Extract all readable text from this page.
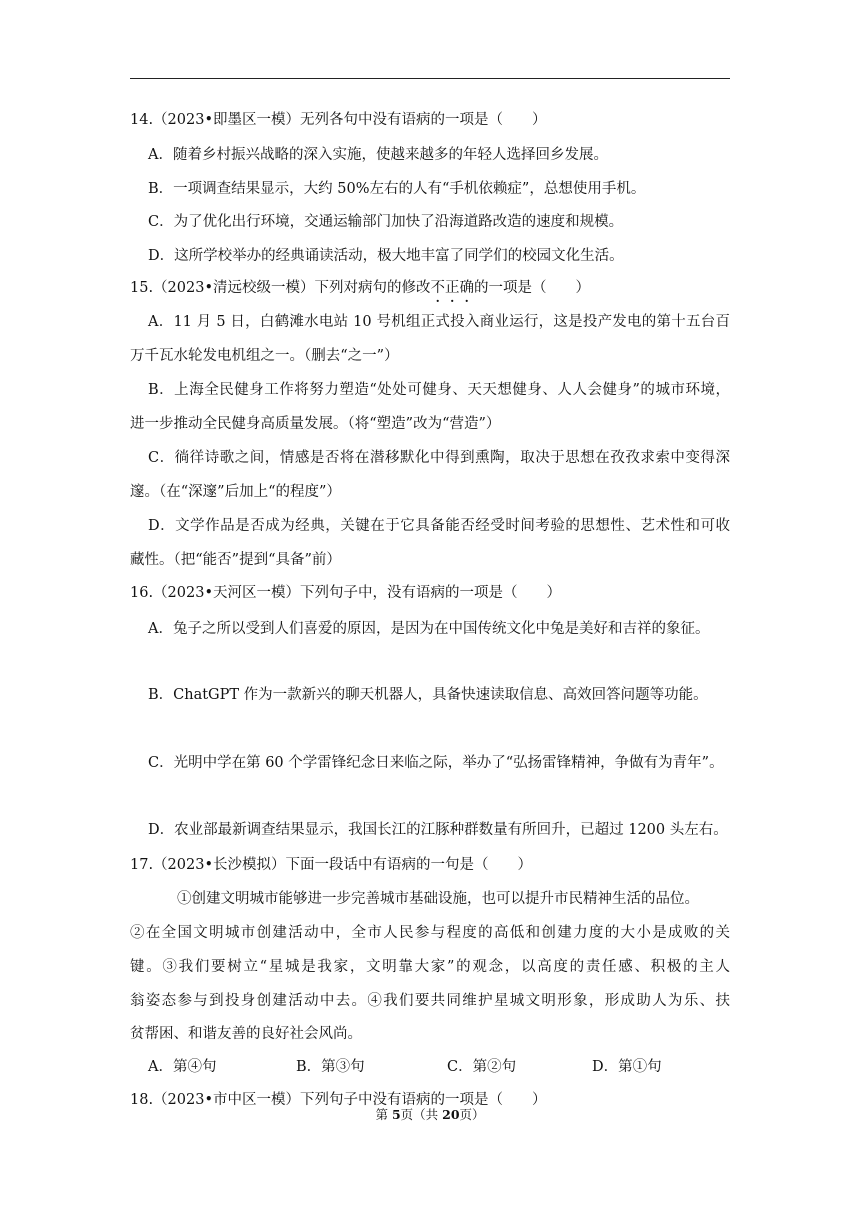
14.（2023•即墨区一模）无列各句中没有语病的一项是（　　）
A．随着乡村振兴战略的深入实施，使越来越多的年轻人选择回乡发展。
B．一项调查结果显示，大约 50%左右的人有“手机依赖症”，总想使用手机。
C．为了优化出行环境，交通运输部门加快了沿海道路改造的速度和规模。
D．这所学校举办的经典诵读活动，极大地丰富了同学们的校园文化生活。
15.（2023•清远校级一模）下列对病句的修改不
·
正
·
确
·
的一项是（　　）
A．11 月 5 日，白鹤滩水电站 10 号机组正式投入商业运行，这是投产发电的第十五台百
万千瓦水轮发电机组之一。（删去“之一”）
B．上海全民健身工作将努力塑造“处处可健身、天天想健身、人人会健身”的城市环境，
进一步推动全民健身高质量发展。（将“塑造”改为“营造”）
C．徜徉诗歌之间，情感是否将在潜移默化中得到熏陶，取决于思想在孜孜求索中变得深
邃。（在“深邃”后加上“的程度”）
D．文学作品是否成为经典，关键在于它具备能否经受时间考验的思想性、艺术性和可收
藏性。（把“能否”提到“具备”前）
16.（2023•天河区一模）下列句子中，没有语病的一项是（　　）
A．兔子之所以受到人们喜爱的原因，是因为在中国传统文化中兔是美好和吉祥的象征。
B．ChatGPT 作为一款新兴的聊天机器人，具备快速读取信息、高效回答问题等功能。
C．光明中学在第 60 个学雷锋纪念日来临之际，举办了“弘扬雷锋精神，争做有为青年”。
D．农业部最新调查结果显示，我国长江的江豚种群数量有所回升，已超过 1200 头左右。
17.（2023•长沙模拟）下面一段话中有语病的一句是（　　）
　　①创建文明城市能够进一步完善城市基础设施，也可以提升市民精神生活的品位。
②在全国文明城市创建活动中，全市人民参与程度的高低和创建力度的大小是成败的关
键。③我们要树立“星城是我家，文明靠大家”的观念，以高度的责任感、积极的主人
翁姿态参与到投身创建活动中去。④我们要共同维护星城文明形象，形成助人为乐、扶
贫帮困、和谐友善的良好社会风尚。
A．第④句	B．第③句	C．第②句	D．第①句
18.（2023•市中区一模）下列句子中没有语病的一项是（　　）
第 5页（共 20页）
